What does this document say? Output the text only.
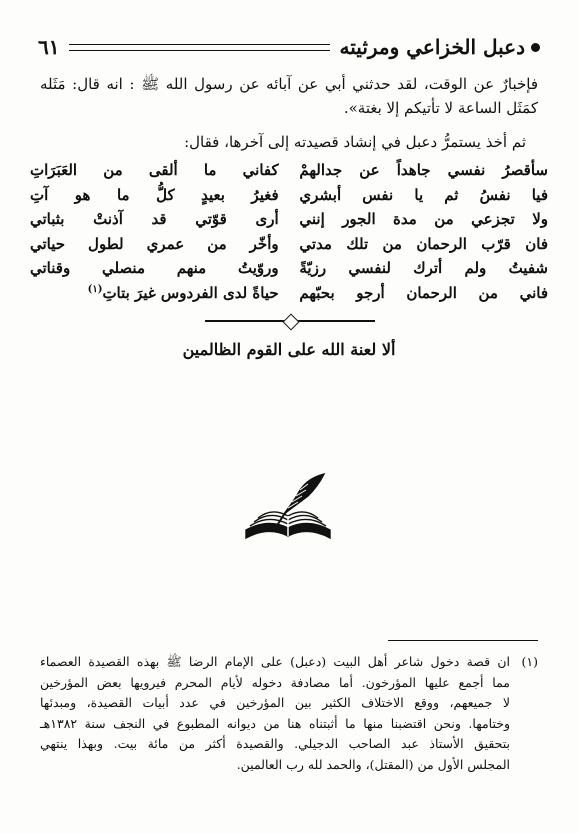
دعبل الخزاعي ومرثيته
٦١
فإخبارٌ عن الوقت، لقد حدثني أبي عن آبائه عن رسول الله ﷺ : انه قال: مَثَله
كمَثَل الساعة لا تأتيكم إلا بغتة».
ثم أخذ يستمرُّ دعبل في إنشاد قصيدته إلى آخرها، فقال:
سأقصرُ نفسي جاهداً عن جدالهمْ
كفاني ما ألقى من العَبَرَاتِ
فيا نفسُ ثم يا نفس أبشري
فغيرُ بعيدٍ كلُّ ما هو آتِ
ولا تجزعي من مدة الجور إنني
أرى قوّتي قد آذنتْ بثباتي
فان قرّب الرحمان من تلك مدتي
وأخّر من عمري لطول حياتي
شفيتُ ولم أترك لنفسي رزيّةً
وروّيتُ منهم منصلي وقناتي
فاني من الرحمان أرجو بحبّهم
حياةً لدى الفردوس غيرَ بتاتِ$^{(١)}$
ألا لعنة الله على القوم الظالمين
(١)
ان قصة دخول شاعر أهل البيت (دعبل) على الإمام الرضا ﷺ بهذه القصيدة العصماء
مما أجمع عليها المؤرخون. أما مصادفة دخوله لأيام المحرم فيرويها بعض المؤرخين
لا جميعهم، ووقع الاختلاف الكثير بين المؤرخين في عدد أبيات القصيدة، ومبدئها
وختامها. ونحن اقتضبنا منها ما أثبتناه هنا من ديوانه المطبوع في النجف سنة ١٣٨٢هـ
بتحقيق الأستاذ عبد الصاحب الدجيلي. والقصيدة أكثر من مائة بيت. وبهذا ينتهي
المجلس الأول من (المقتل)، والحمد لله رب العالمين.
